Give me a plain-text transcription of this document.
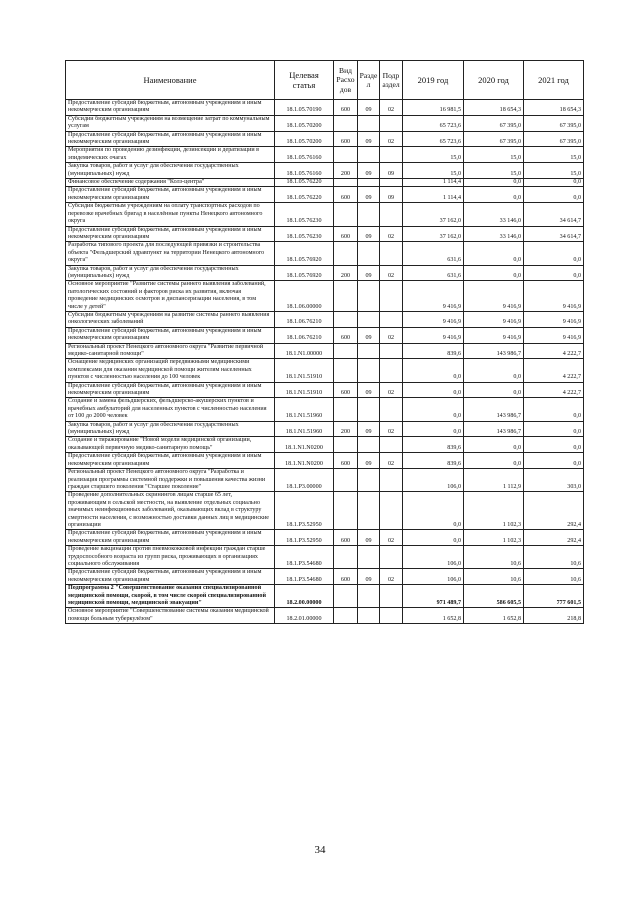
Наименование	Целевая статья	Вид Расхо дов	Разде л	Подр аздел	2019 год	2020 год	2021 год
Предоставление субсидий бюджетным, автономным учреждениям и иным некоммерческим организациям	18.1.05.70190	600	09	02	16 981,5	18 654,3	18 654,3
Субсидии бюджетным учреждениям на возмещение затрат по коммунальным услугам	18.1.05.70200				65 723,6	67 395,0	67 395,0
Предоставление субсидий бюджетным, автономным учреждениям и иным некоммерческим организациям	18.1.05.70200	600	09	02	65 723,6	67 395,0	67 395,0
Мероприятия по проведению дезинфекции, дезинсекции и дератизации в эпидемических очагах	18.1.05.76160				15,0	15,0	15,0
Закупка товаров, работ и услуг для обеспечения государственных (муниципальных) нужд	18.1.05.76160	200	09	09	15,0	15,0	15,0
Финансовое обеспечение содержания "Колз-центра"	18.1.05.76220				1 114,4	0,0	0,0
Предоставление субсидий бюджетным, автономным учреждениям и иным некоммерческим организациям	18.1.05.76220	600	09	09	1 114,4	0,0	0,0
Субсидия бюджетным учреждениям на оплату транспортных расходов по перевозке врачебных бригад в населённые пункты Ненецкого автономного округа	18.1.05.76230				37 162,0	33 146,0	34 614,7
Предоставление субсидий бюджетным, автономным учреждениям и иным некоммерческим организациям	18.1.05.76230	600	09	02	37 162,0	33 146,0	34 614,7
Разработка типового проекта для последующей привязки и строительства объекта "Фельдшерский здравпункт на территории Ненецкого автономного округа"	18.1.05.76920				631,6	0,0	0,0
Закупка товаров, работ и услуг для обеспечения государственных (муниципальных) нужд	18.1.05.76920	200	09	02	631,6	0,0	0,0
Основное мероприятие "Развитие системы раннего выявления заболеваний, патологических состояний и факторов риска их развития, включая проведение медицинских осмотров и диспансеризации населения, в том числе у детей"	18.1.06.00000				9 416,9	9 416,9	9 416,9
Субсидии бюджетным учреждениям на развитие системы раннего выявления онкологических заболеваний	18.1.06.76210				9 416,9	9 416,9	9 416,9
Предоставление субсидий бюджетным, автономным учреждениям и иным некоммерческим организациям	18.1.06.76210	600	09	02	9 416,9	9 416,9	9 416,9
Региональный проект Ненецкого автономного округа "Развитие первичной медико-санитарной помощи"	18.1.N1.00000				839,6	143 986,7	4 222,7
Оснащение медицинских организаций передвижными медицинскими комплексами для оказания медицинской помощи жителям населенных пунктов с численностью населения до 100 человек	18.1.N1.51910				0,0	0,0	4 222,7
Предоставление субсидий бюджетным, автономным учреждениям и иным некоммерческим организациям	18.1.N1.51910	600	09	02	0,0	0,0	4 222,7
Создание и замена фельдшерских, фельдшерско-акушерских пунктов и врачебных амбулаторий для населенных пунктов с численностью населения от 100 до 2000 человек	18.1.N1.51960				0,0	143 986,7	0,0
Закупка товаров, работ и услуг для обеспечения государственных (муниципальных) нужд	18.1.N1.51960	200	09	02	0,0	143 986,7	0,0
Создание и тиражирование "Новой модели медицинской организации, оказывающей первичную медико-санитарную помощь"	18.1.N1.N0200				839,6	0,0	0,0
Предоставление субсидий бюджетным, автономным учреждениям и иным некоммерческим организациям	18.1.N1.N0200	600	09	02	839,6	0,0	0,0
Региональный проект Ненецкого автономного округа "Разработка и реализация программы системной поддержки и повышения качества жизни граждан старшего поколения "Старшее поколение"	18.1.P3.00000				106,0	1 112,9	303,0
Проведение дополнительных скринингов лицам старше 65 лет, проживающим в сельской местности, на выявление отдельных социально значимых неинфекционных заболеваний, оказывающих вклад в структуру смертности населения, с возможностью доставки данных лиц в медицинские организации	18.1.P3.52950				0,0	1 102,3	292,4
Предоставление субсидий бюджетным, автономным учреждениям и иным некоммерческим организациям	18.1.P3.52950	600	09	02	0,0	1 102,3	292,4
Проведение вакцинации против пневмококковой инфекции граждан старше трудоспособного возраста из групп риска, проживающих в организациях социального обслуживания	18.1.P3.54680				106,0	10,6	10,6
Предоставление субсидий бюджетным, автономным учреждениям и иным некоммерческим организациям	18.1.P3.54680	600	09	02	106,0	10,6	10,6
Подпрограмма 2 "Совершенствование оказания специализированной медицинской помощи, скорой, в том числе скорой специализированной медицинской помощи, медицинской эвакуации"	18.2.00.00000				971 489,7	586 605,5	777 601,5
Основное мероприятие "Совершенствование системы оказания медицинской помощи больным туберкулёзом"	18.2.01.00000				1 652,8	1 652,8	218,8
34
